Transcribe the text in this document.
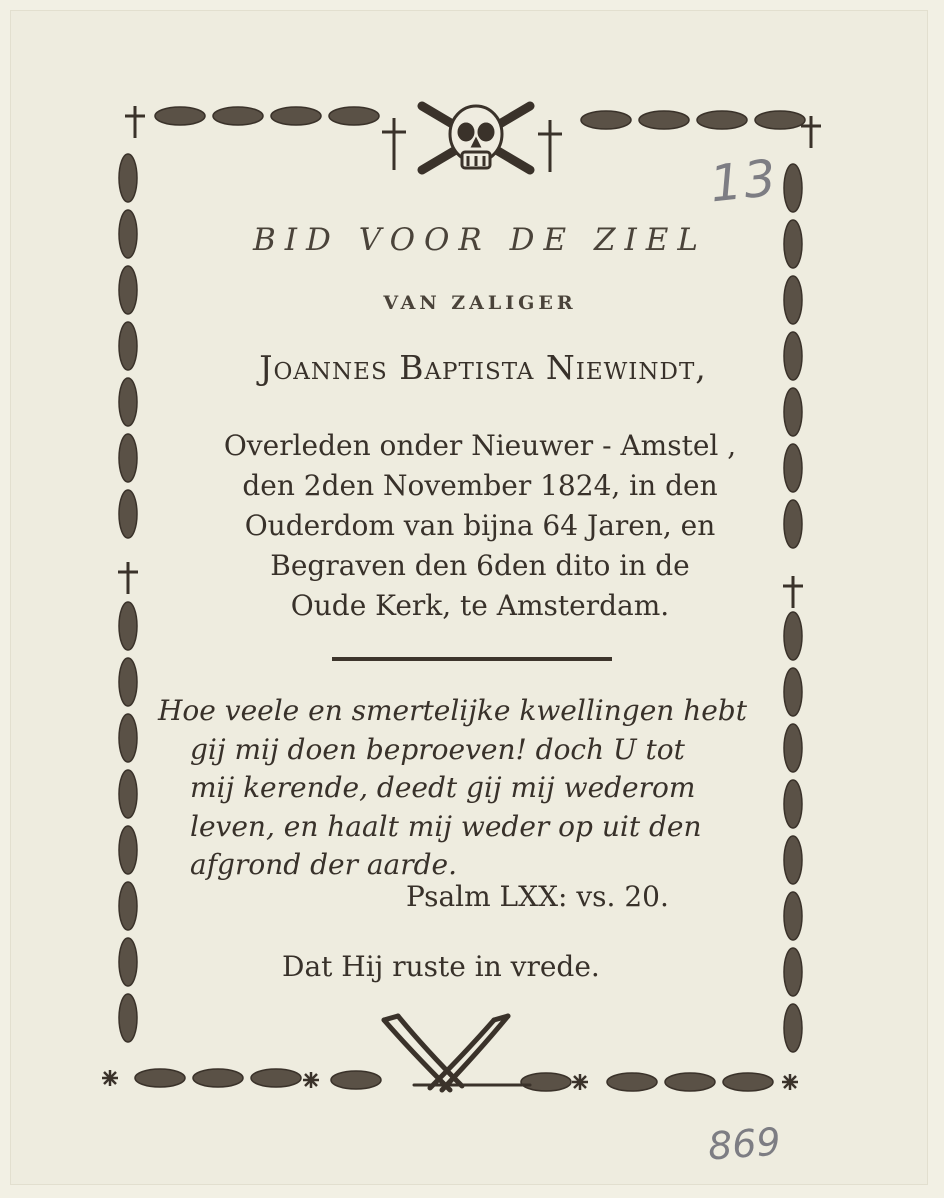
13
BID VOOR DE ZIEL
VAN ZALIGER
Joannes Baptista Niewindt,
Overleden onder Nieuwer - Amstel ,
den 2den November 1824, in den
Ouderdom van bijna 64 Jaren, en
Begraven den 6den dito in de
Oude Kerk, te Amsterdam.
Hoe veele en smertelijke kwellingen hebt
gij mij doen beproeven! doch U tot
mij kerende, deedt gij mij wederom
leven, en haalt mij weder op uit den
afgrond der aarde.
Psalm LXX: vs. 20.
Dat Hij ruste in vrede.
869
